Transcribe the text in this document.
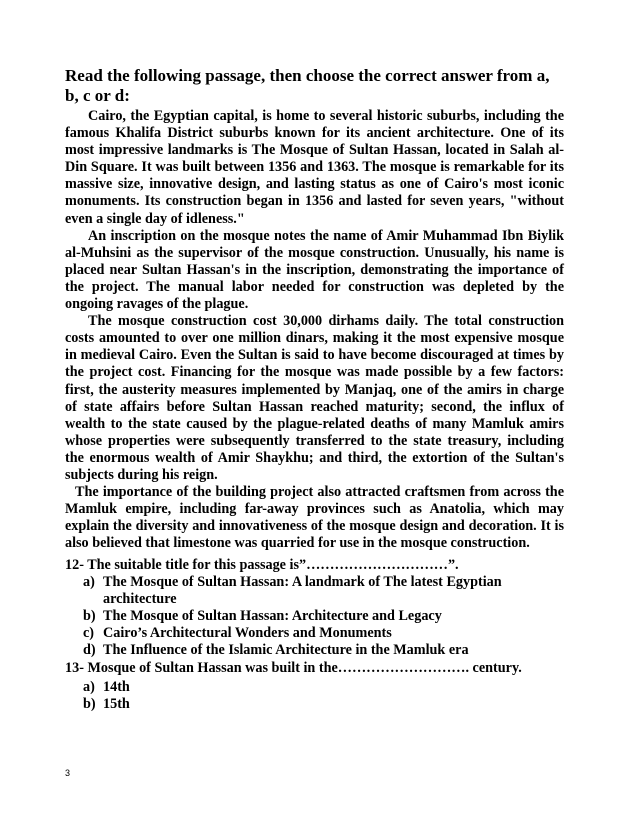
Read the following passage, then choose the correct answer from a, b, c or d:

Cairo, the Egyptian capital, is home to several historic suburbs, including the famous Khalifa District suburbs known for its ancient architecture. One of its most impressive landmarks is The Mosque of Sultan Hassan, located in Salah al-Din Square. It was built between 1356 and 1363. The mosque is remarkable for its massive size, innovative design, and lasting status as one of Cairo's most iconic monuments. Its construction began in 1356 and lasted for seven years, "without even a single day of idleness."

An inscription on the mosque notes the name of Amir Muhammad Ibn Biylik al-Muhsini as the supervisor of the mosque construction. Unusually, his name is placed near Sultan Hassan's in the inscription, demonstrating the importance of the project. The manual labor needed for construction was depleted by the ongoing ravages of the plague.

The mosque construction cost 30,000 dirhams daily. The total construction costs amounted to over one million dinars, making it the most expensive mosque in medieval Cairo. Even the Sultan is said to have become discouraged at times by the project cost. Financing for the mosque was made possible by a few factors: first, the austerity measures implemented by Manjaq, one of the amirs in charge of state affairs before Sultan Hassan reached maturity; second, the influx of wealth to the state caused by the plague-related deaths of many Mamluk amirs whose properties were subsequently transferred to the state treasury, including the enormous wealth of Amir Shaykhu; and third, the extortion of the Sultan's subjects during his reign.

The importance of the building project also attracted craftsmen from across the Mamluk empire, including far-away provinces such as Anatolia, which may explain the diversity and innovativeness of the mosque design and decoration. It is also believed that limestone was quarried for use in the mosque construction.

12- The suitable title for this passage is”…………………………”.
a) The Mosque of Sultan Hassan: A landmark of The latest Egyptian architecture
b) The Mosque of Sultan Hassan: Architecture and Legacy
c) Cairo’s Architectural Wonders and Monuments
d) The Influence of the Islamic Architecture in the Mamluk era
13- Mosque of Sultan Hassan was built in the………………………. century.
a) 14th
b) 15th
3
